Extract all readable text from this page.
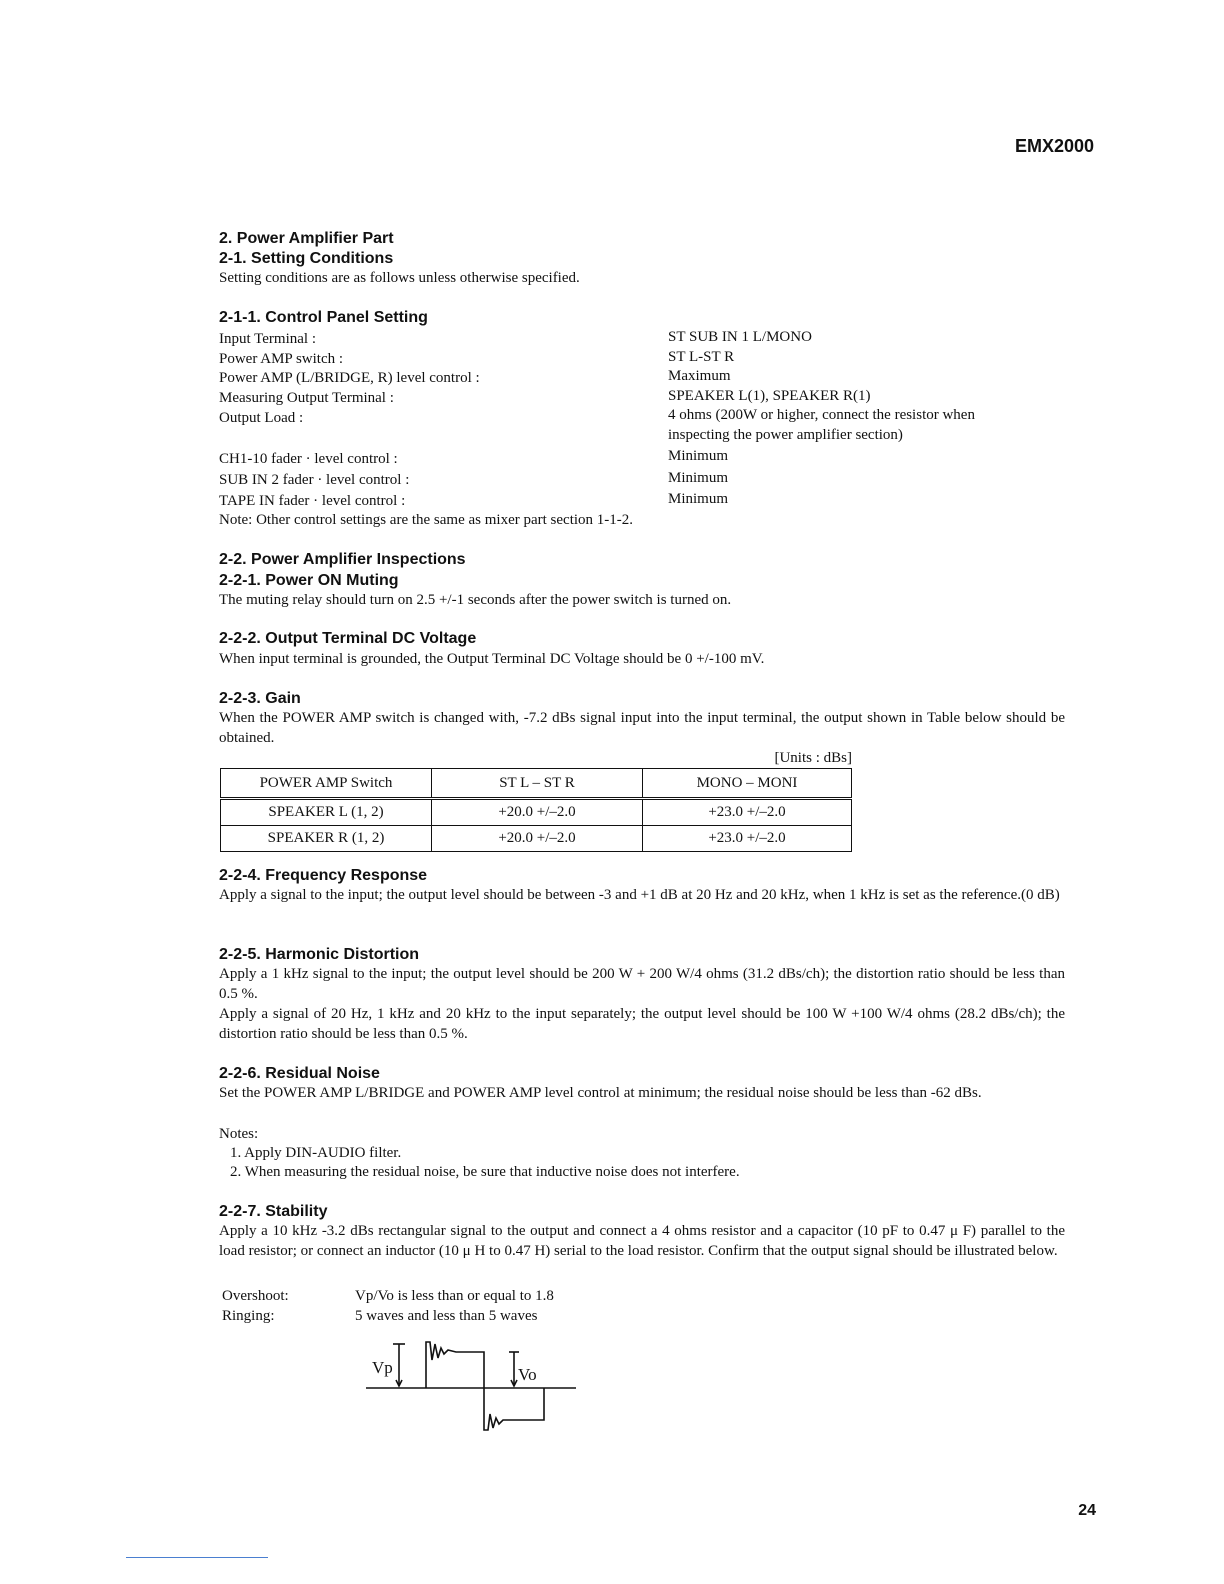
EMX2000
2. Power Amplifier Part
2-1. Setting Conditions
Setting conditions are as follows unless otherwise specified.
2-1-1. Control Panel Setting
Input Terminal :	ST SUB IN 1 L/MONO
Power AMP switch :	ST L-ST R
Power AMP (L/BRIDGE, R) level control :	Maximum
Measuring Output Terminal :	SPEAKER L(1), SPEAKER R(1)
Output Load :	4 ohms (200W or higher, connect the resistor when
inspecting the power amplifier section)
CH1-10 fader · level control :	Minimum
SUB IN 2 fader · level control :	Minimum
TAPE IN fader · level control :	Minimum
Note: Other control settings are the same as mixer part section 1-1-2.
2-2. Power Amplifier Inspections
2-2-1. Power ON Muting
The muting relay should turn on 2.5 +/-1 seconds after the power switch is turned on.
2-2-2. Output Terminal DC Voltage
When input terminal is grounded, the Output Terminal DC Voltage should be 0 +/-100 mV.
2-2-3. Gain
When the POWER AMP switch is changed with, -7.2 dBs signal input into the input terminal, the output shown in Table below should be obtained.
[Units : dBs]
POWER AMP Switch	ST L – ST R	MONO – MONI
SPEAKER L (1, 2)	+20.0 +/–2.0	+23.0 +/–2.0
SPEAKER R (1, 2)	+20.0 +/–2.0	+23.0 +/–2.0
2-2-4. Frequency Response
Apply a signal to the input; the output level should be between -3 and +1 dB at 20 Hz and 20 kHz, when 1 kHz is set as the reference.(0 dB)
2-2-5. Harmonic Distortion
Apply a 1 kHz signal to the input; the output level should be 200 W + 200 W/4 ohms (31.2 dBs/ch); the distortion ratio should be less than 0.5 %.
Apply a signal of 20 Hz, 1 kHz and 20 kHz to the input separately; the output level should be 100 W +100 W/4 ohms (28.2 dBs/ch); the distortion ratio should be less than 0.5 %.
2-2-6. Residual Noise
Set the POWER AMP L/BRIDGE and POWER AMP level control at minimum; the residual noise should be less than -62 dBs.
Notes:
1. Apply DIN-AUDIO filter.
2. When measuring the residual noise, be sure that inductive noise does not interfere.
2-2-7. Stability
Apply a 10 kHz -3.2 dBs rectangular signal to the output and connect a 4 ohms resistor and a capacitor (10 pF to 0.47 μ F) parallel to the load resistor; or connect an inductor (10 μ H to 0.47 H) serial to the load resistor. Confirm that the output signal should be illustrated below.
Overshoot:	Vp/Vo is less than or equal to 1.8
Ringing:	5 waves and less than 5 waves
Vp	Vo
24
